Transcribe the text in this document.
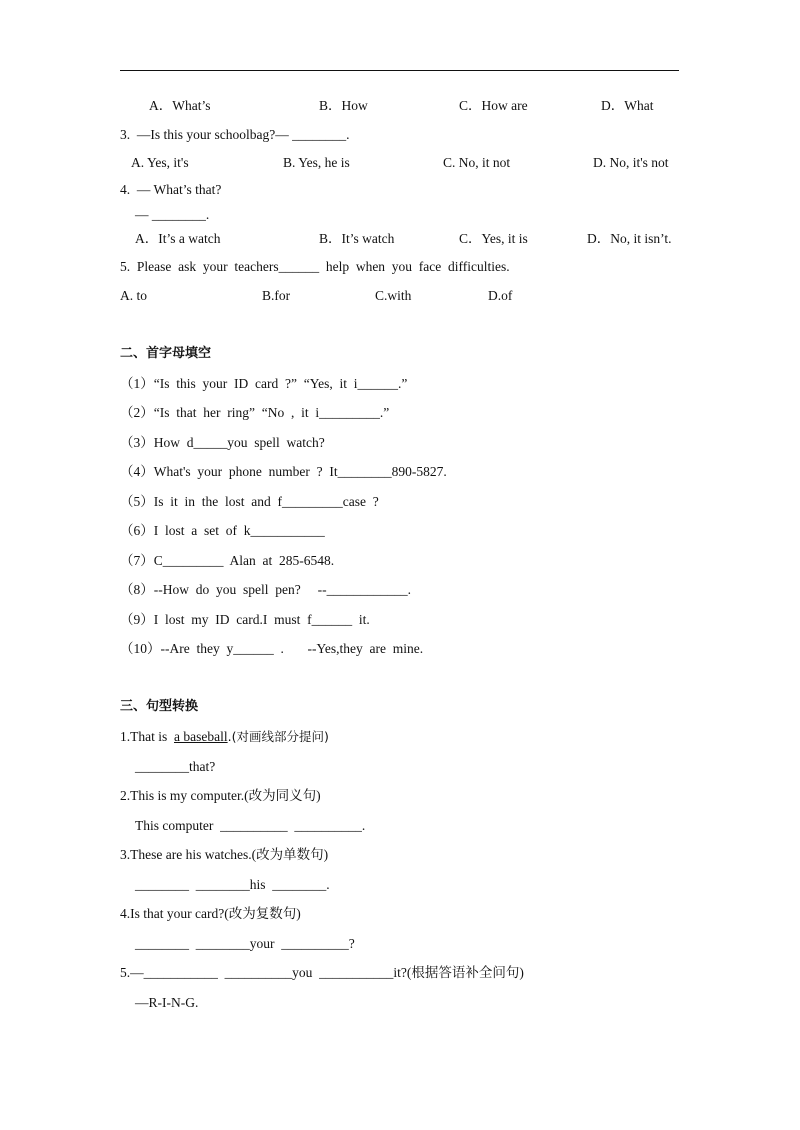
A．What’s	B．How	C．How are	D．What
3.  —Is this your schoolbag?— ________.
A. Yes, it's	B. Yes, he is	C. No, it not	D. No, it's not
4.  — What’s that?
— ________.
A．It’s a watch	B．It’s watch	C．Yes, it is	D．No, it isn’t.
5.  Please  ask  your  teachers______  help  when  you  face  difficulties.
A. to	B.for	C.with	D.of
二、首字母填空
（1）“Is  this  your  ID  card  ?”  “Yes,  it  i______.”
（2）“Is  that  her  ring”  “No  ,  it  i_________.”
（3）How  d_____you  spell  watch?
（4）What's  your  phone  number  ?  It________890-5827.
（5）Is  it  in  the  lost  and  f_________case  ?
（6）I  lost  a  set  of  k___________
（7）C_________  Alan  at  285-6548.
（8）--How  do  you  spell  pen?     --____________.
（9）I  lost  my  ID  card.I  must  f______  it.
（10）--Are  they  y______  .       --Yes,they  are  mine.
三、句型转换
1.That is  a baseball.(对画线部分提问)
________that?
2.This is my computer.(改为同义句)
This computer  __________  __________.
3.These are his watches.(改为单数句)
________  ________his  ________.
4.Is that your card?(改为复数句)
________  ________your  __________?
5.—___________  __________you  ___________it?(根据答语补全问句)
—R-I-N-G.
